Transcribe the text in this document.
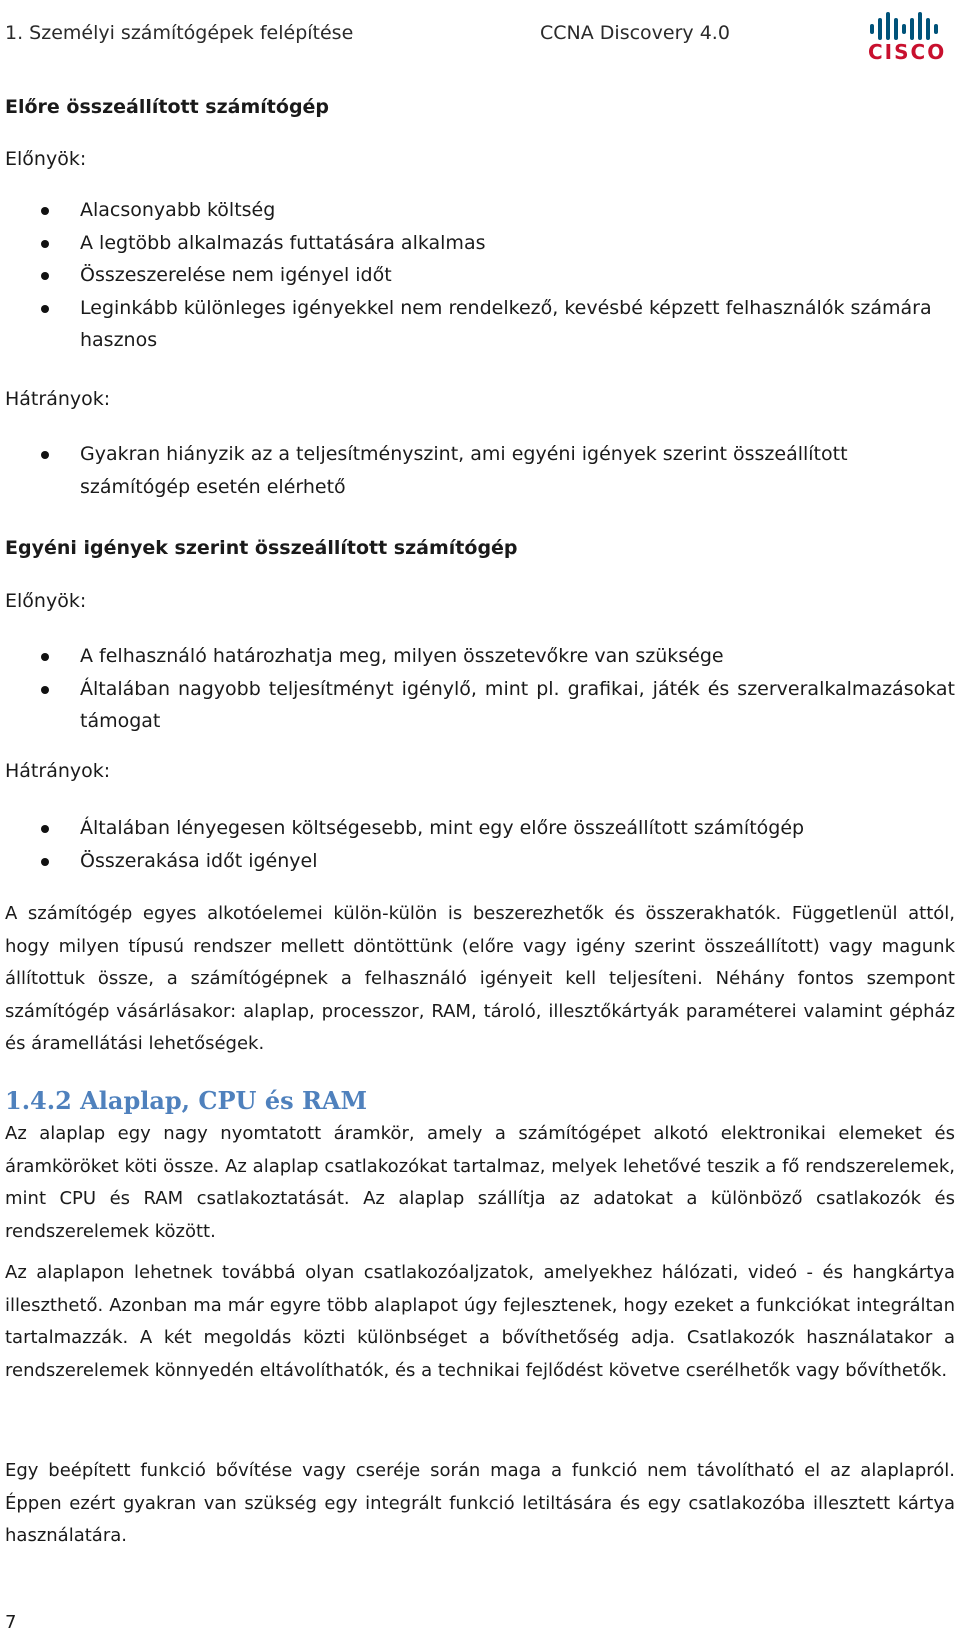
1. Személyi számítógépek felépítése	CCNA Discovery 4.0
CISCO
Előre összeállított számítógép
Előnyök:
Alacsonyabb költség
A legtöbb alkalmazás futtatására alkalmas
Összeszerelése nem igényel időt
Leginkább különleges igényekkel nem rendelkező, kevésbé képzett felhasználók számára hasznos
Hátrányok:
Gyakran hiányzik az a teljesítményszint, ami egyéni igények szerint összeállított számítógép esetén elérhető
Egyéni igények szerint összeállított számítógép
Előnyök:
A felhasználó határozhatja meg, milyen összetevőkre van szüksége
Általában nagyobb teljesítményt igénylő, mint pl. grafikai, játék és szerveralkalmazásokat támogat
Hátrányok:
Általában lényegesen költségesebb, mint egy előre összeállított számítógép
Összerakása időt igényel
A számítógép egyes alkotóelemei külön-külön is beszerezhetők és összerakhatók. Függetlenül attól, hogy milyen típusú rendszer mellett döntöttünk (előre vagy igény szerint összeállított) vagy magunk állítottuk össze, a számítógépnek a felhasználó igényeit kell teljesíteni. Néhány fontos szempont számítógép vásárlásakor: alaplap, processzor, RAM, tároló, illesztőkártyák paraméterei valamint gépház és áramellátási lehetőségek.
1.4.2 Alaplap, CPU és RAM
Az alaplap egy nagy nyomtatott áramkör, amely a számítógépet alkotó elektronikai elemeket és áramköröket köti össze. Az alaplap csatlakozókat tartalmaz, melyek lehetővé teszik a fő rendszerelemek, mint CPU és RAM csatlakoztatását. Az alaplap szállítja az adatokat a különböző csatlakozók és rendszerelemek között.
Az alaplapon lehetnek továbbá olyan csatlakozóaljzatok, amelyekhez hálózati, videó - és hangkártya illeszthető. Azonban ma már egyre több alaplapot úgy fejlesztenek, hogy ezeket a funkciókat integráltan tartalmazzák. A két megoldás közti különbséget a bővíthetőség adja. Csatlakozók használatakor a rendszerelemek könnyedén eltávolíthatók, és a technikai fejlődést követve cserélhetők vagy bővíthetők.
Egy beépített funkció bővítése vagy cseréje során maga a funkció nem távolítható el az alaplapról. Éppen ezért gyakran van szükség egy integrált funkció letiltására és egy csatlakozóba illesztett kártya használatára.
7
